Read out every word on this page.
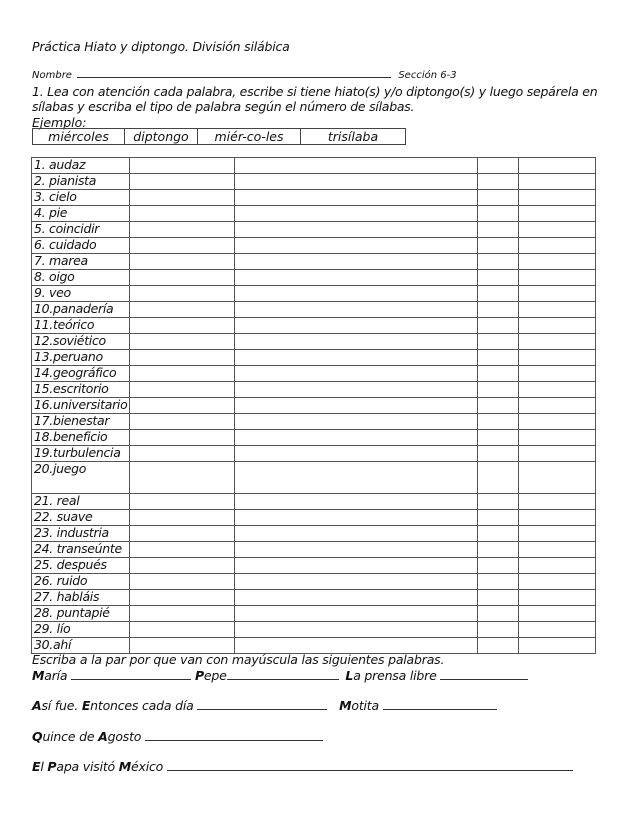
Práctica Hiato y diptongo. División silábica
Nombre	Sección 6-3
1. Lea con atención cada palabra, escribe si tiene hiato(s) y/o diptongo(s) y luego sepárela en sílabas y escriba el tipo de palabra según el número de sílabas.
Ejemplo:
miércoles	diptongo	miér-co-les	trisílaba
1. audaz				
2. pianista				
3. cielo				
4. pie				
5. coincidir				
6. cuidado				
7. marea				
8. oigo				
9. veo				
10.panadería				
11.teórico				
12.soviético				
13.peruano				
14.geográfico				
15.escritorio				
16.universitario				
17.bienestar				
18.beneficio				
19.turbulencia				
20.juego				
21. real				
22. suave				
23. industria				
24. transeúnte				
25. después				
26. ruido				
27. habláis				
28. puntapié				
29. lío				
30.ahí				
Escriba a la par por que van con mayúscula las siguientes palabras.
María	Pepe	La prensa libre
Así fue. Entonces cada día	Motita
Quince de Agosto
El Papa visitó México
